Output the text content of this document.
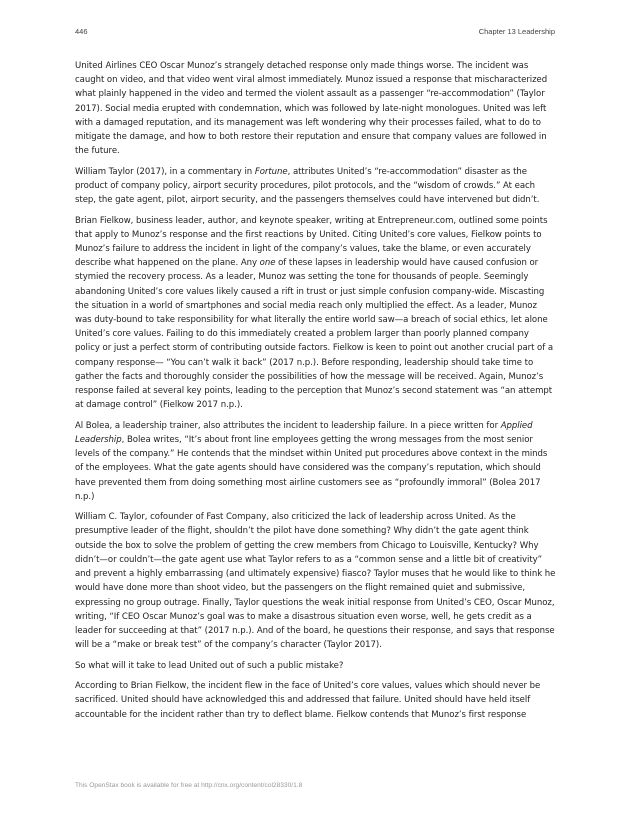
446	Chapter 13 Leadership

United Airlines CEO Oscar Munoz’s strangely detached response only made things worse. The incident was caught on video, and that video went viral almost immediately. Munoz issued a response that mischaracterized what plainly happened in the video and termed the violent assault as a passenger “re-accommodation” (Taylor 2017). Social media erupted with condemnation, which was followed by late-night monologues. United was left with a damaged reputation, and its management was left wondering why their processes failed, what to do to mitigate the damage, and how to both restore their reputation and ensure that company values are followed in the future.

William Taylor (2017), in a commentary in Fortune, attributes United’s “re-accommodation” disaster as the product of company policy, airport security procedures, pilot protocols, and the “wisdom of crowds.” At each step, the gate agent, pilot, airport security, and the passengers themselves could have intervened but didn’t.

Brian Fielkow, business leader, author, and keynote speaker, writing at Entrepreneur.com, outlined some points that apply to Munoz’s response and the first reactions by United. Citing United’s core values, Fielkow points to Munoz’s failure to address the incident in light of the company’s values, take the blame, or even accurately describe what happened on the plane. Any one of these lapses in leadership would have caused confusion or stymied the recovery process. As a leader, Munoz was setting the tone for thousands of people. Seemingly abandoning United’s core values likely caused a rift in trust or just simple confusion company-wide. Miscasting the situation in a world of smartphones and social media reach only multiplied the effect. As a leader, Munoz was duty-bound to take responsibility for what literally the entire world saw—a breach of social ethics, let alone United’s core values. Failing to do this immediately created a problem larger than poorly planned company policy or just a perfect storm of contributing outside factors. Fielkow is keen to point out another crucial part of a company response— “You can’t walk it back” (2017 n.p.). Before responding, leadership should take time to gather the facts and thoroughly consider the possibilities of how the message will be received. Again, Munoz’s response failed at several key points, leading to the perception that Munoz’s second statement was “an attempt at damage control” (Fielkow 2017 n.p.).

Al Bolea, a leadership trainer, also attributes the incident to leadership failure. In a piece written for Applied Leadership, Bolea writes, “It’s about front line employees getting the wrong messages from the most senior levels of the company.” He contends that the mindset within United put procedures above context in the minds of the employees. What the gate agents should have considered was the company’s reputation, which should have prevented them from doing something most airline customers see as “profoundly immoral” (Bolea 2017 n.p.)

William C. Taylor, cofounder of Fast Company, also criticized the lack of leadership across United. As the presumptive leader of the flight, shouldn’t the pilot have done something? Why didn’t the gate agent think outside the box to solve the problem of getting the crew members from Chicago to Louisville, Kentucky? Why didn’t—or couldn’t—the gate agent use what Taylor refers to as a “common sense and a little bit of creativity” and prevent a highly embarrassing (and ultimately expensive) fiasco? Taylor muses that he would like to think he would have done more than shoot video, but the passengers on the flight remained quiet and submissive, expressing no group outrage. Finally, Taylor questions the weak initial response from United’s CEO, Oscar Munoz, writing, “If CEO Oscar Munoz’s goal was to make a disastrous situation even worse, well, he gets credit as a leader for succeeding at that” (2017 n.p.). And of the board, he questions their response, and says that response will be a “make or break test” of the company’s character (Taylor 2017).

So what will it take to lead United out of such a public mistake?

According to Brian Fielkow, the incident flew in the face of United’s core values, values which should never be sacrificed. United should have acknowledged this and addressed that failure. United should have held itself accountable for the incident rather than try to deflect blame. Fielkow contends that Munoz’s first response

This OpenStax book is available for free at http://cnx.org/content/col28330/1.8
